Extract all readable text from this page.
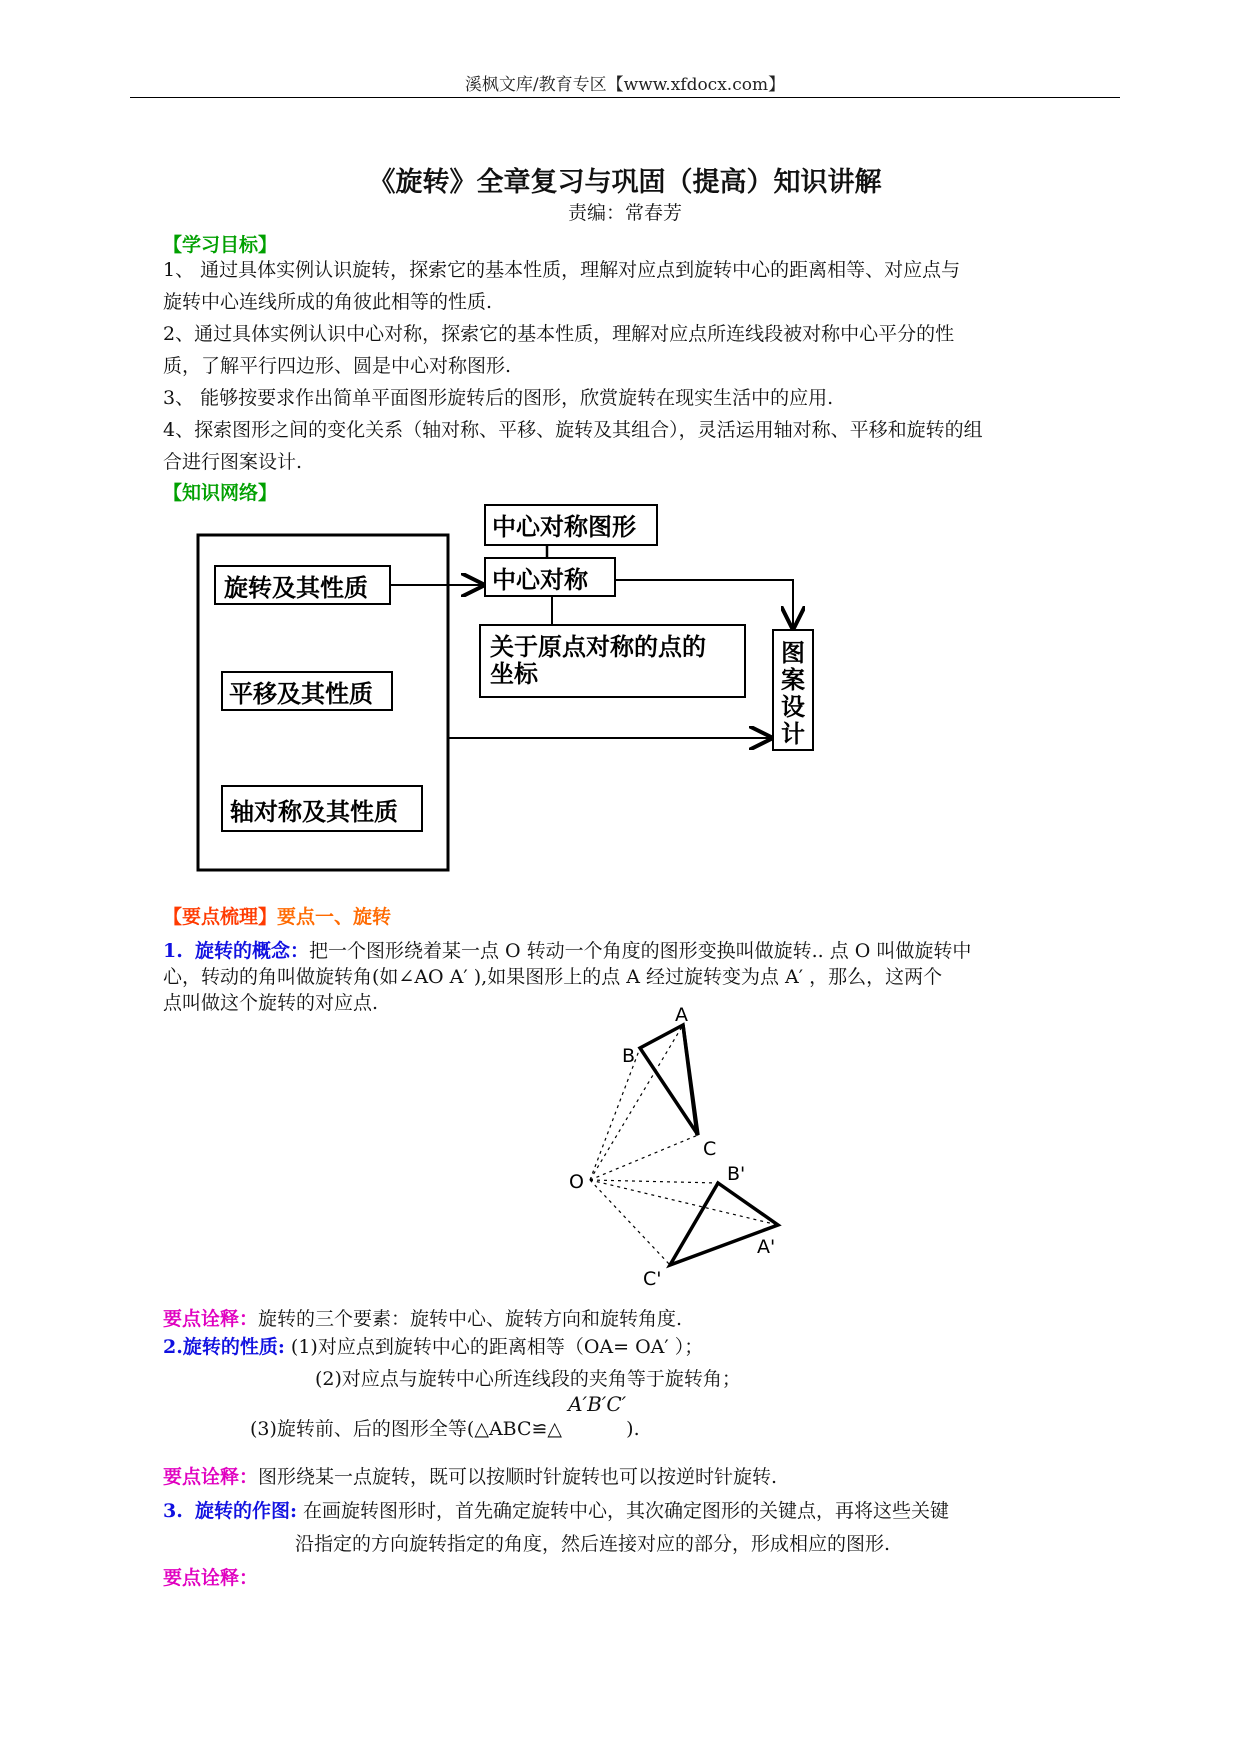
溪枫文库/教育专区【www.xfdocx.com】
《旋转》全章复习与巩固（提高）知识讲解
责编：常春芳
【学习目标】
1、 通过具体实例认识旋转，探索它的基本性质，理解对应点到旋转中心的距离相等、对应点与
旋转中心连线所成的角彼此相等的性质.
2、通过具体实例认识中心对称，探索它的基本性质，理解对应点所连线段被对称中心平分的性
质，了解平行四边形、圆是中心对称图形.
3、 能够按要求作出简单平面图形旋转后的图形，欣赏旋转在现实生活中的应用.
4、探索图形之间的变化关系（轴对称、平移、旋转及其组合），灵活运用轴对称、平移和旋转的组
合进行图案设计.
【知识网络】
旋转及其性质
平移及其性质
轴对称及其性质
中心对称图形
中心对称
关于原点对称的点的
坐标
图
案
设
计
A
B
C
O	B'
A'
C'
【要点梳理】要点一、旋转
1. 旋转的概念：把一个图形绕着某一点 O 转动一个角度的图形变换叫做旋转.. 点 O 叫做旋转中
心，转动的角叫做旋转角(如∠AO A′ ),如果图形上的点 A 经过旋转变为点 A′ ，那么，这两个
点叫做这个旋转的对应点.
要点诠释：旋转的三个要素：旋转中心、旋转方向和旋转角度.
2.旋转的性质: (1)对应点到旋转中心的距离相等（OA= OA′ ）；
(2)对应点与旋转中心所连线段的夹角等于旋转角；
(3)旋转前、后的图形全等(△ABC≌△ A′B′C′).
要点诠释：图形绕某一点旋转，既可以按顺时针旋转也可以按逆时针旋转.
3. 旋转的作图: 在画旋转图形时，首先确定旋转中心，其次确定图形的关键点，再将这些关键
沿指定的方向旋转指定的角度，然后连接对应的部分，形成相应的图形.
要点诠释：
